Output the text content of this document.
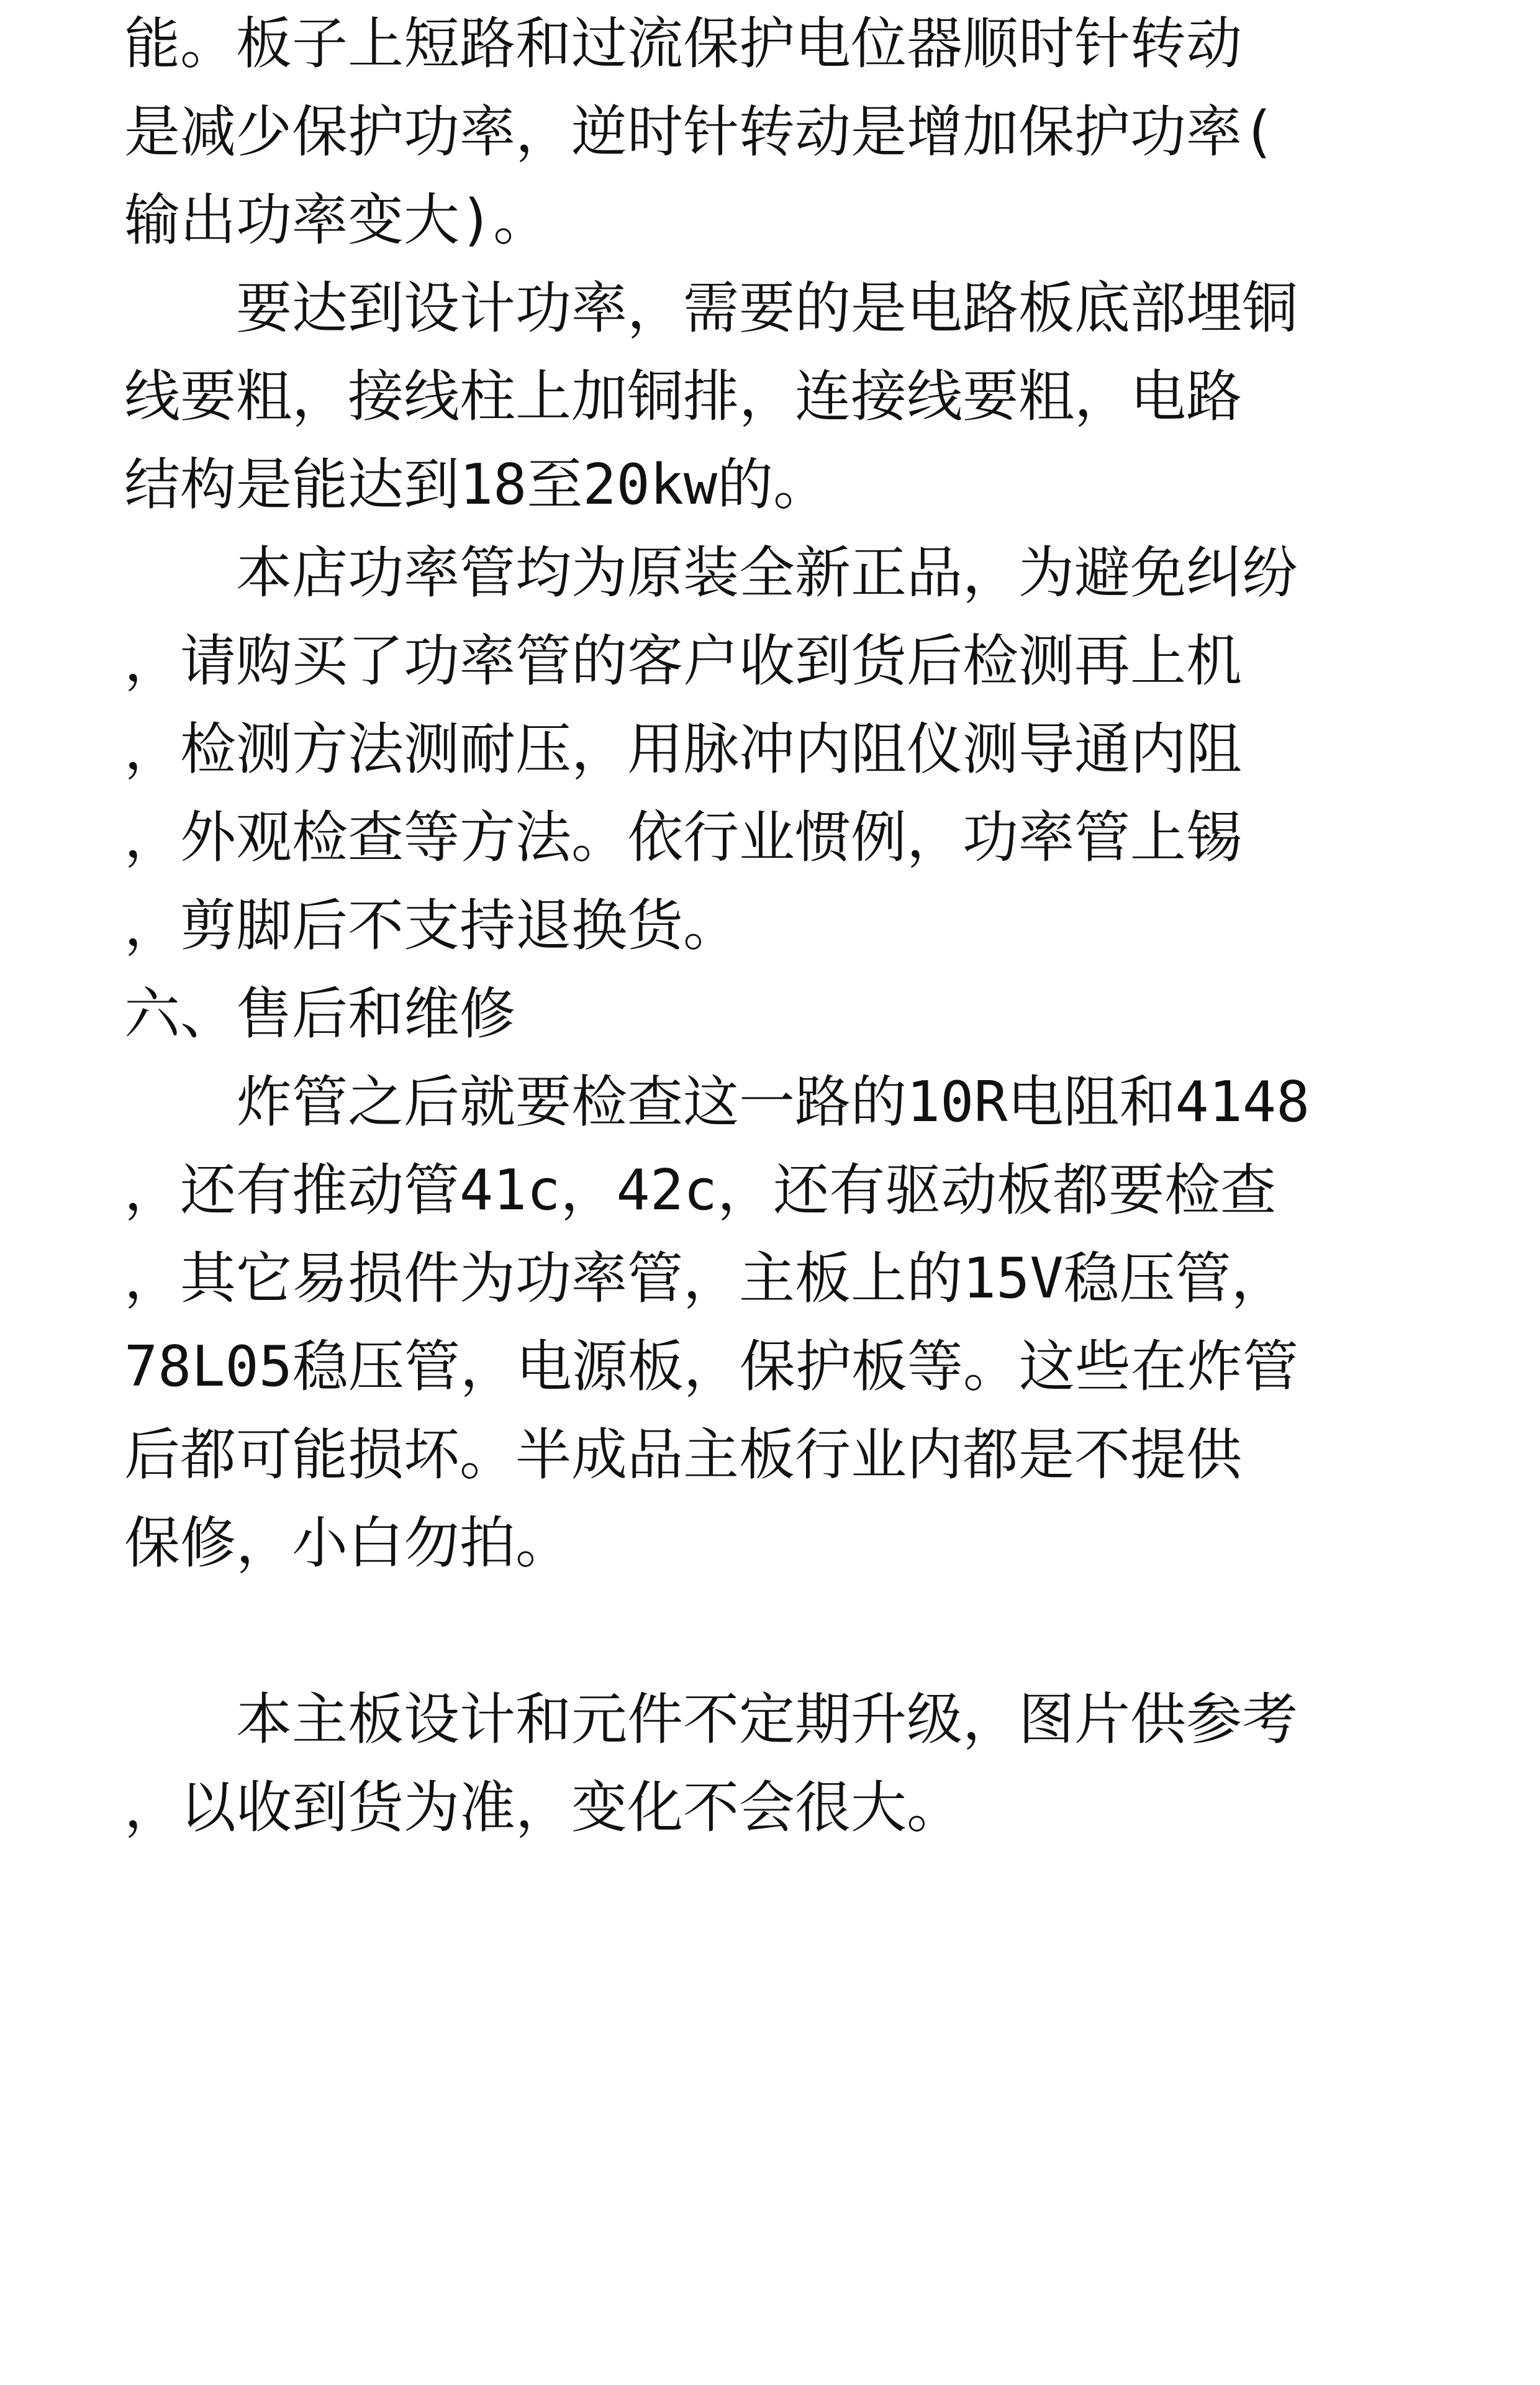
能。板子上短路和过流保护电位器顺时针转动
是减少保护功率，逆时针转动是增加保护功率(
输出功率变大)。
　　要达到设计功率，需要的是电路板底部埋铜
线要粗，接线柱上加铜排，连接线要粗，电路
结构是能达到18至20kw的。
　　本店功率管均为原装全新正品，为避免纠纷
，请购买了功率管的客户收到货后检测再上机
，检测方法测耐压，用脉冲内阻仪测导通内阻
，外观检查等方法。依行业惯例，功率管上锡
，剪脚后不支持退换货。
六、售后和维修
　　炸管之后就要检查这一路的10R电阻和4148
，还有推动管41c，42c，还有驱动板都要检查
，其它易损件为功率管，主板上的15V稳压管，
78L05稳压管，电源板，保护板等。这些在炸管
后都可能损坏。半成品主板行业内都是不提供
保修，小白勿拍。
　　本主板设计和元件不定期升级，图片供参考
，以收到货为准，变化不会很大。
